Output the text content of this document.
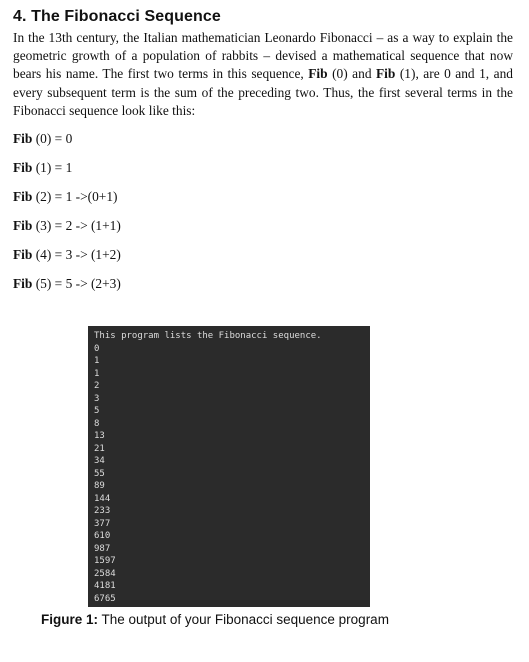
4. The Fibonacci Sequence
In the 13th century, the Italian mathematician Leonardo Fibonacci – as a way to explain the geometric growth of a population of rabbits – devised a mathematical sequence that now bears his name. The first two terms in this sequence, Fib (0) and Fib (1), are 0 and 1, and every subsequent term is the sum of the preceding two. Thus, the first several terms in the Fibonacci sequence look like this:
Fib (0) = 0
Fib (1) = 1
Fib (2) = 1 ->(0+1)
Fib (3) = 2 -> (1+1)
Fib (4) = 3 -> (1+2)
Fib (5) = 5 -> (2+3)
This program lists the Fibonacci sequence.
0
1
1
2
3
5
8
13
21
34
55
89
144
233
377
610
987
1597
2584
4181
6765
Figure 1: The output of your Fibonacci sequence program
